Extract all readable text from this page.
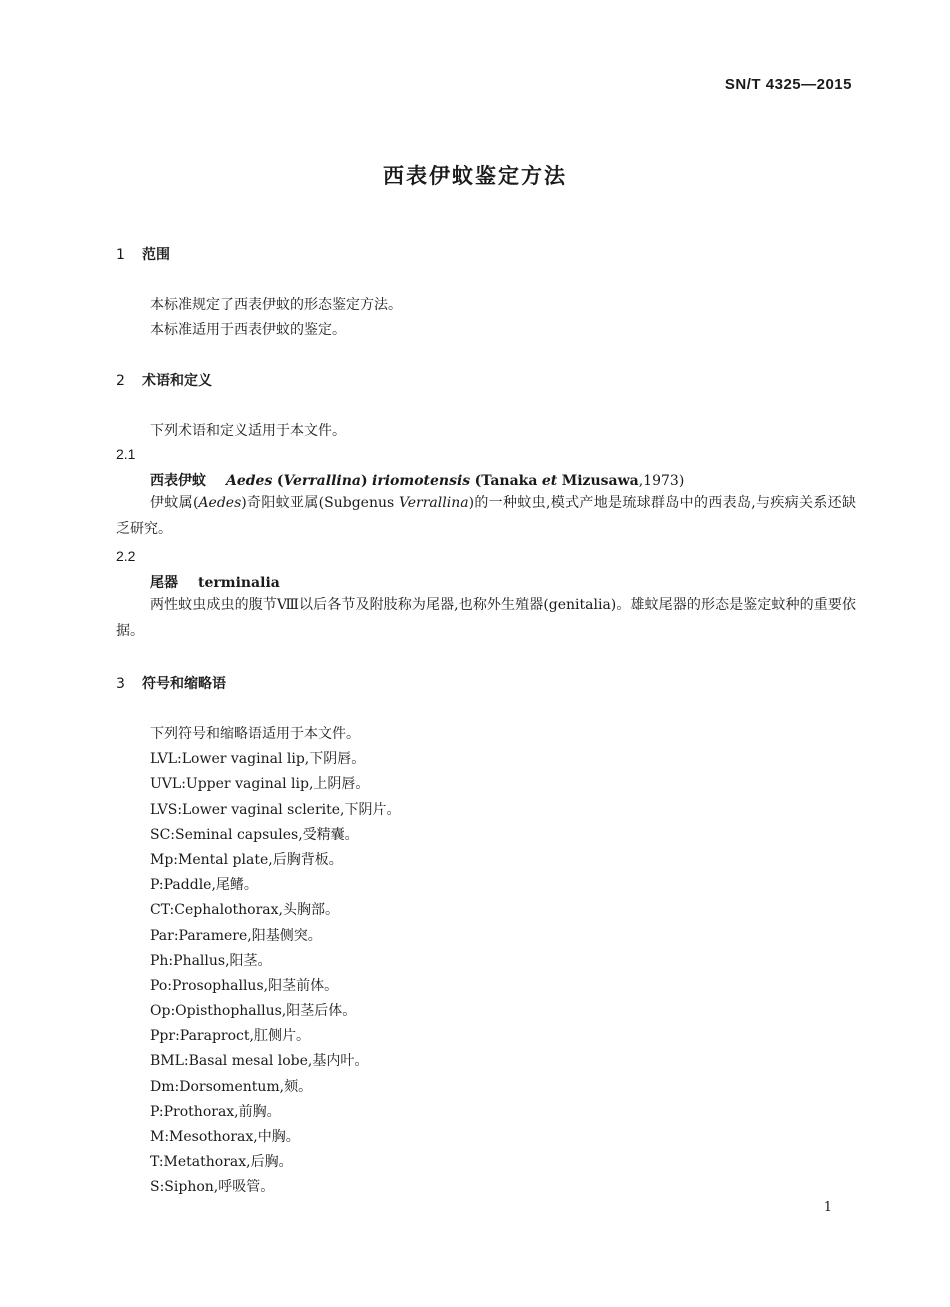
SN/T 4325—2015
西表伊蚊鉴定方法
1 范围
本标准规定了西表伊蚊的形态鉴定方法。
本标准适用于西表伊蚊的鉴定。
2 术语和定义
下列术语和定义适用于本文件。
2.1
西表伊蚊 Aedes (Verrallina) iriomotensis (Tanaka et Mizusawa,1973)
伊蚊属(Aedes)奇阳蚊亚属(Subgenus Verrallina)的一种蚊虫,模式产地是琉球群岛中的西表岛,与疾病关系还缺乏研究。
2.2
尾器 terminalia
两性蚊虫成虫的腹节Ⅷ以后各节及附肢称为尾器,也称外生殖器(genitalia)。雄蚊尾器的形态是鉴定蚊种的重要依据。
3 符号和缩略语
下列符号和缩略语适用于本文件。
LVL:Lower vaginal lip,下阴唇。
UVL:Upper vaginal lip,上阴唇。
LVS:Lower vaginal sclerite,下阴片。
SC:Seminal capsules,受精囊。
Mp:Mental plate,后胸背板。
P:Paddle,尾鳍。
CT:Cephalothorax,头胸部。
Par:Paramere,阳基侧突。
Ph:Phallus,阳茎。
Po:Prosophallus,阳茎前体。
Op:Opisthophallus,阳茎后体。
Ppr:Paraproct,肛侧片。
BML:Basal mesal lobe,基内叶。
Dm:Dorsomentum,颏。
P:Prothorax,前胸。
M:Mesothorax,中胸。
T:Metathorax,后胸。
S:Siphon,呼吸管。
1
